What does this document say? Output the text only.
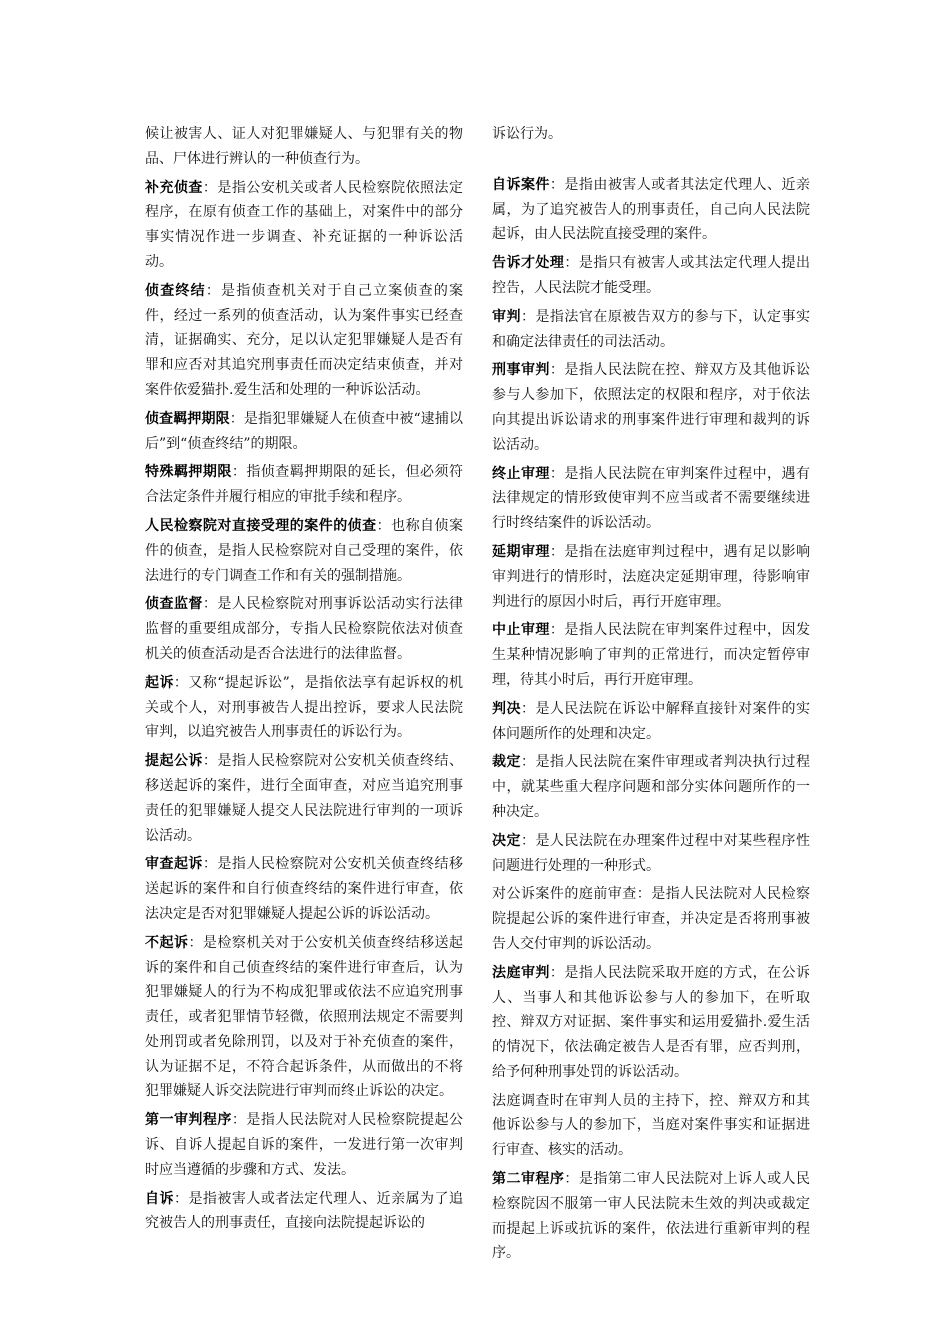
候让被害人、证人对犯罪嫌疑人、与犯罪有关的物品、尸体进行辨认的一种侦查行为。

补充侦查：是指公安机关或者人民检察院依照法定程序，在原有侦查工作的基础上，对案件中的部分事实情况作进一步调查、补充证据的一种诉讼活动。

侦查终结：是指侦查机关对于自己立案侦查的案件，经过一系列的侦查活动，认为案件事实已经查清，证据确实、充分，足以认定犯罪嫌疑人是否有罪和应否对其追究刑事责任而决定结束侦查，并对案件依爱猫扑.爱生活和处理的一种诉讼活动。

侦查羁押期限：是指犯罪嫌疑人在侦查中被“逮捕以后”到“侦查终结”的期限。

特殊羁押期限：指侦查羁押期限的延长，但必须符合法定条件并履行相应的审批手续和程序。

人民检察院对直接受理的案件的侦查：也称自侦案件的侦查，是指人民检察院对自己受理的案件，依法进行的专门调查工作和有关的强制措施。

侦查监督：是人民检察院对刑事诉讼活动实行法律监督的重要组成部分，专指人民检察院依法对侦查机关的侦查活动是否合法进行的法律监督。

起诉：又称“提起诉讼”，是指依法享有起诉权的机关或个人，对刑事被告人提出控诉，要求人民法院审判，以追究被告人刑事责任的诉讼行为。

提起公诉：是指人民检察院对公安机关侦查终结、移送起诉的案件，进行全面审查，对应当追究刑事责任的犯罪嫌疑人提交人民法院进行审判的一项诉讼活动。

审查起诉：是指人民检察院对公安机关侦查终结移送起诉的案件和自行侦查终结的案件进行审查，依法决定是否对犯罪嫌疑人提起公诉的诉讼活动。

不起诉：是检察机关对于公安机关侦查终结移送起诉的案件和自己侦查终结的案件进行审查后，认为犯罪嫌疑人的行为不构成犯罪或依法不应追究刑事责任，或者犯罪情节轻微，依照刑法规定不需要判处刑罚或者免除刑罚，以及对于补充侦查的案件，认为证据不足，不符合起诉条件，从而做出的不将犯罪嫌疑人诉交法院进行审判而终止诉讼的决定。

第一审判程序：是指人民法院对人民检察院提起公诉、自诉人提起自诉的案件，一发进行第一次审判时应当遵循的步骤和方式、发法。

自诉：是指被害人或者法定代理人、近亲属为了追究被告人的刑事责任，直接向法院提起诉讼的

诉讼行为。

自诉案件：是指由被害人或者其法定代理人、近亲属，为了追究被告人的刑事责任，自己向人民法院起诉，由人民法院直接受理的案件。

告诉才处理：是指只有被害人或其法定代理人提出控告，人民法院才能受理。

审判：是指法官在原被告双方的参与下，认定事实和确定法律责任的司法活动。

刑事审判：是指人民法院在控、辩双方及其他诉讼参与人参加下，依照法定的权限和程序，对于依法向其提出诉讼请求的刑事案件进行审理和裁判的诉讼活动。

终止审理：是指人民法院在审判案件过程中，遇有法律规定的情形致使审判不应当或者不需要继续进行时终结案件的诉讼活动。

延期审理：是指在法庭审判过程中，遇有足以影响审判进行的情形时，法庭决定延期审理，待影响审判进行的原因小时后，再行开庭审理。

中止审理：是指人民法院在审判案件过程中，因发生某种情况影响了审判的正常进行，而决定暂停审理，待其小时后，再行开庭审理。

判决：是人民法院在诉讼中解释直接针对案件的实体问题所作的处理和决定。

裁定：是指人民法院在案件审理或者判决执行过程中，就某些重大程序问题和部分实体问题所作的一种决定。

决定：是人民法院在办理案件过程中对某些程序性问题进行处理的一种形式。

对公诉案件的庭前审查：是指人民法院对人民检察院提起公诉的案件进行审查，并决定是否将刑事被告人交付审判的诉讼活动。

法庭审判：是指人民法院采取开庭的方式，在公诉人、当事人和其他诉讼参与人的参加下，在听取控、辩双方对证据、案件事实和运用爱猫扑.爱生活的情况下，依法确定被告人是否有罪，应否判刑，给予何种刑事处罚的诉讼活动。

法庭调查时在审判人员的主持下，控、辩双方和其他诉讼参与人的参加下，当庭对案件事实和证据进行审查、核实的活动。

第二审程序：是指第二审人民法院对上诉人或人民检察院因不服第一审人民法院未生效的判决或裁定而提起上诉或抗诉的案件，依法进行重新审判的程序。
